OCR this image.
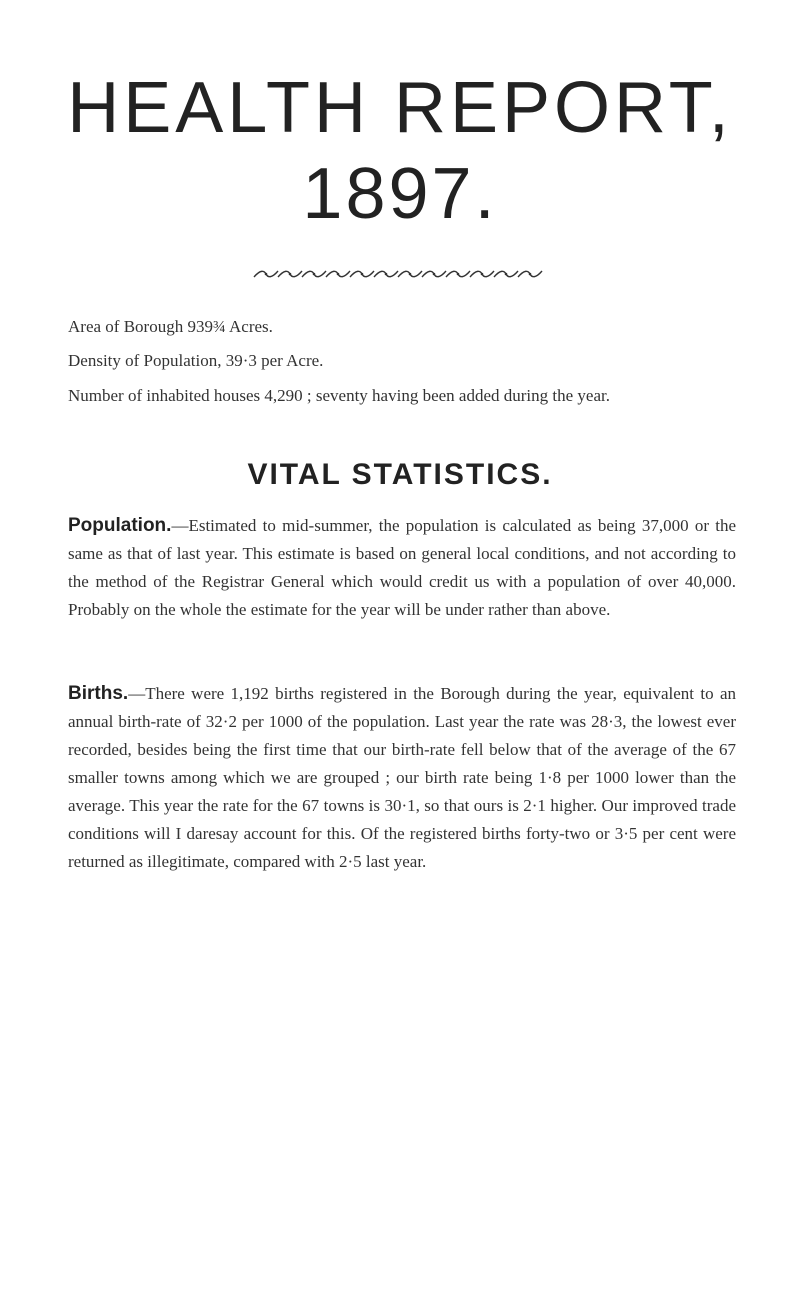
HEALTH REPORT,
1897.

Area of Borough 939¾ Acres.

Density of Population, 39·3 per Acre.

Number of inhabited houses 4,290 ; seventy having been added during the year.

VITAL STATISTICS.

Population.—Estimated to mid-summer, the population is calculated as being 37,000 or the same as that of last year. This estimate is based on general local conditions, and not according to the method of the Registrar General which would credit us with a population of over 40,000. Probably on the whole the estimate for the year will be under rather than above.

Births.—There were 1,192 births registered in the Borough during the year, equivalent to an annual birth-rate of 32·2 per 1000 of the population. Last year the rate was 28·3, the lowest ever recorded, besides being the first time that our birth-rate fell below that of the average of the 67 smaller towns among which we are grouped ; our birth rate being 1·8 per 1000 lower than the average. This year the rate for the 67 towns is 30·1, so that ours is 2·1 higher. Our improved trade conditions will I daresay account for this. Of the registered births forty-two or 3·5 per cent were returned as illegitimate, compared with 2·5 last year.
